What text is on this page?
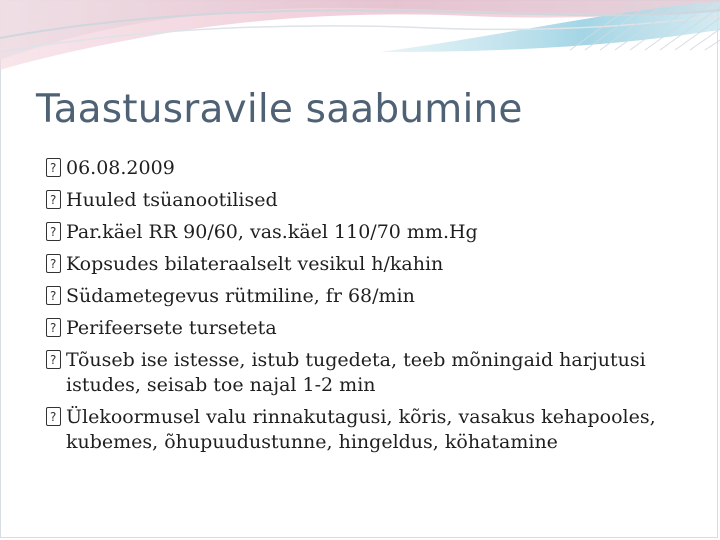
Taastusravile saabumine
?
06.08.2009
?
Huuled tsüanootilised
?
Par.käel RR 90/60, vas.käel 110/70 mm.Hg
?
Kopsudes bilateraalselt vesikul h/kahin
?
Südametegevus rütmiline, fr 68/min
?
Perifeersete turseteta
?
Tõuseb ise istesse, istub tugedeta, teeb mõningaid harjutusi istudes, seisab toe najal 1-2 min
?
Ülekoormusel valu rinnakutagusi, kõris, vasakus kehapooles, kubemes, õhupuudustunne, hingeldus, köhatamine
